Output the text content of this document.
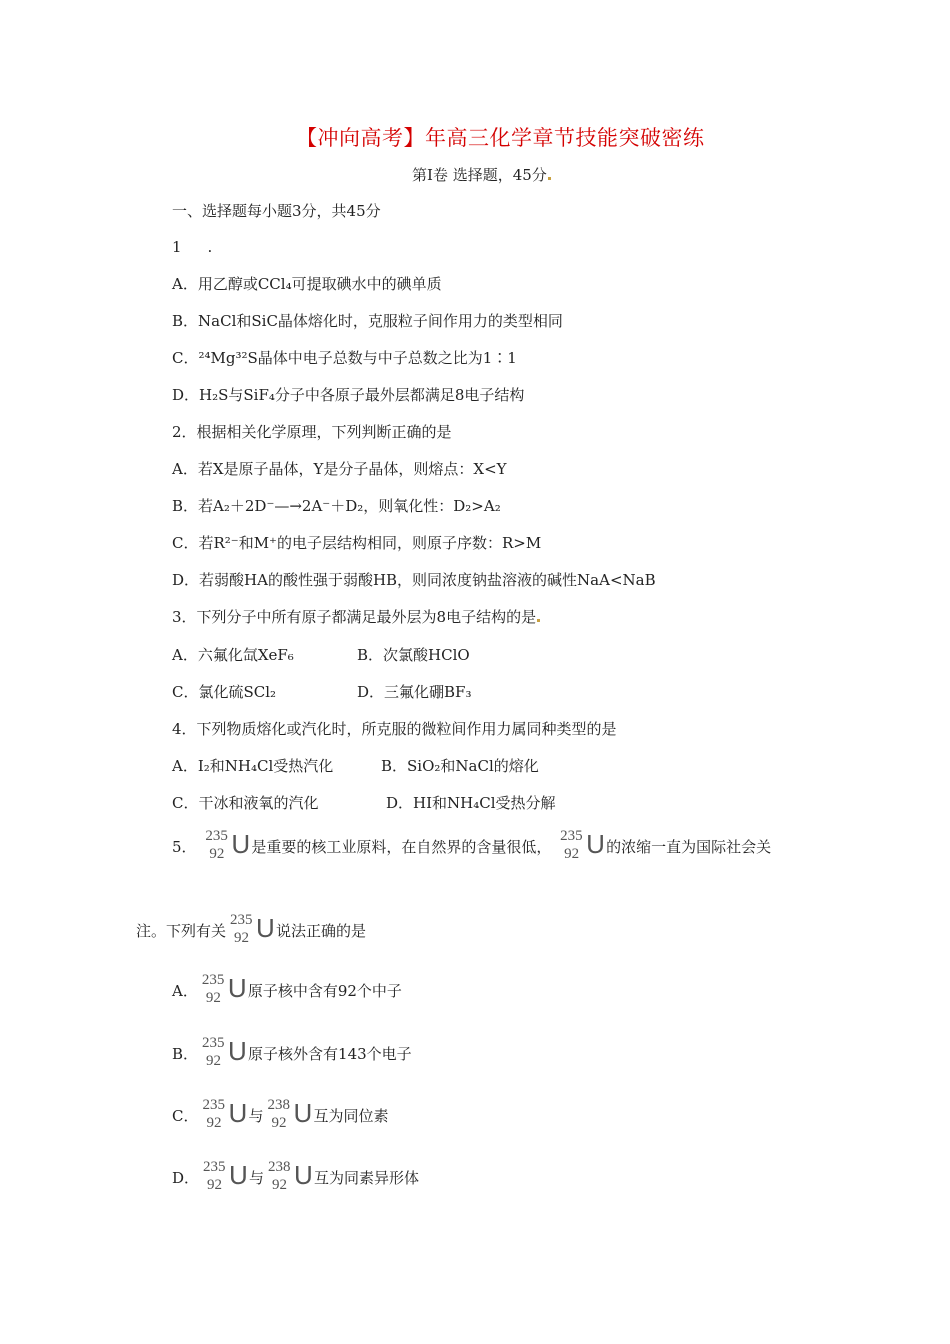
【冲向高考】年高三化学章节技能突破密练
第Ⅰ卷 选择题，45分
一、选择题每小题3分，共45分
1 .
A．用乙醇或CCl₄可提取碘水中的碘单质
B．NaCl和SiC晶体熔化时，克服粒子间作用力的类型相同
C．²⁴Mg³²S晶体中电子总数与中子总数之比为1∶1
D．H₂S与SiF₄分子中各原子最外层都满足8电子结构
2．根据相关化学原理，下列判断正确的是
A．若X是原子晶体，Y是分子晶体，则熔点：X<Y
B．若A₂＋2D⁻—→2A⁻＋D₂，则氧化性：D₂>A₂
C．若R²⁻和M⁺的电子层结构相同，则原子序数：R>M
D．若弱酸HA的酸性强于弱酸HB，则同浓度钠盐溶液的碱性NaA<NaB
3．下列分子中所有原子都满足最外层为8电子结构的是
A．六氟化氙XeF₆	B．次氯酸HClO
C．氯化硫SCl₂	D．三氟化硼BF₃
4．下列物质熔化或汽化时，所克服的微粒间作用力属同种类型的是
A．I₂和NH₄Cl受热汽化	B．SiO₂和NaCl的熔化
C．干冰和液氧的汽化	D．HI和NH₄Cl受热分解
5．
235
92 U 是重要的核工业原料，在自然界的含量很低，
235
92 U 的浓缩一直为国际社会关
注。下列有关
235
92 U 说法正确的是
A．
235
92 U 原子核中含有92个中子
B．
235
92 U 原子核外含有143个电子
C．
235
92 U 与
238
92 U 互为同位素
D．
235
92 U 与
238
92 U 互为同素异形体
